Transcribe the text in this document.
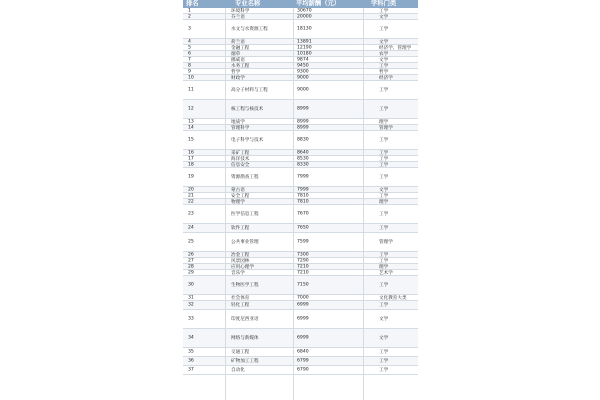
排名	专业名称	平均薪酬（元）	学科门类
1	环境科学	30670	工学
2	芬兰语	20000	文学
3	水文与水资源工程	18130	工学
4	荷兰语	13891	文学
5	金融工程	12190	经济学、管理学
6	烟草	10180	农学
7	挪威语	9874	文学
8	水务工程	9450	工学
9	哲学	9300	哲学
10	财政学	9000	经济学
11	高分子材料与工程	9000	工学
12	核工程与核技术	8999	工学
13	地质学	8999	理学
14	管理科学	8999	管理学
15	电子科学与技术	8830	工学
16	采矿工程	8640	工学
17	海洋技术	8530	工学
18	信息安全	8330	工学
19	资源勘查工程	7999	工学
20	蒙古语	7999	文学
21	安全工程	7810	工学
22	物理学	7810	理学
23	医学信息工程	7670	工学
24	软件工程	7650	工学
25	公共事业管理	7599	管理学
26	冶金工程	7300	工学
27	风景园林	7290	工学
28	应用心理学	7210	理学
29	音乐学	7210	艺术学
30	生物医学工程	7150	工学
31	社会体育	7000	文化教育大类
32	轻化工程	6999	工学
33	印度尼西亚语	6999	文学
34	网络与新媒体	6999	文学
35	交通工程	6840	工学
36	矿物加工工程	6799	工学
37	自动化	6790	工学
